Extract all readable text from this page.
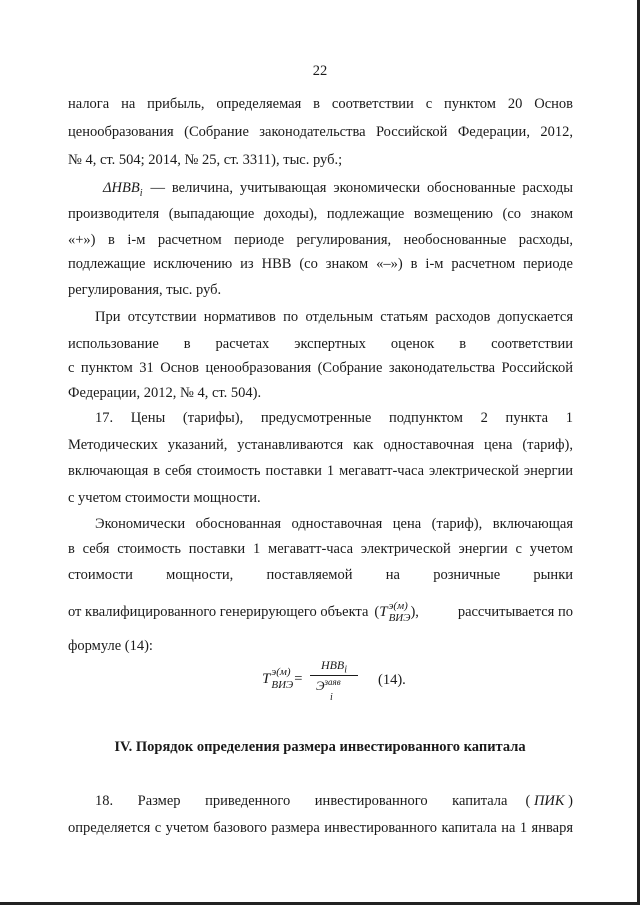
22
налога на прибыль, определяемая в соответствии с пунктом 20 Основ
ценообразования (Собрание законодательства Российской Федерации, 2012,
№ 4, ст. 504; 2014, № 25, ст. 3311), тыс. руб.;
$\Delta НВВ_i$ — величина, учитывающая экономически обоснованные расходы
производителя (выпадающие доходы), подлежащие возмещению (со знаком
«+») в i-м расчетном периоде регулирования, необоснованные расходы,
подлежащие исключению из НВВ (со знаком «–») в i-м расчетном периоде
регулирования, тыс. руб.
При отсутствии нормативов по отдельным статьям расходов допускается
использование в расчетах экспертных оценок в соответствии
с пунктом 31 Основ ценообразования (Собрание законодательства Российской
Федерации, 2012, № 4, ст. 504).
17. Цены (тарифы), предусмотренные подпунктом 2 пункта 1
Методических указаний, устанавливаются как одноставочная цена (тариф),
включающая в себя стоимость поставки 1 мегаватт-часа электрической энергии
с учетом стоимости мощности.
Экономически обоснованная одноставочная цена (тариф), включающая
в себя стоимость поставки 1 мегаватт-часа электрической энергии с учетом
стоимости мощности, поставляемой на розничные рынки
от квалифицированного генерирующего объекта ( T э(м)
ВИЭ ),	рассчитывается по
формуле (14):
T э(м)
ВИЭ =
$НВВ_i$
$Э^{заяв}$
i
(14).
IV. Порядок определения размера инвестированного капитала
18. Размер приведенного инвестированного капитала	( ПИК )
определяется с учетом базового размера инвестированного капитала на 1 января
